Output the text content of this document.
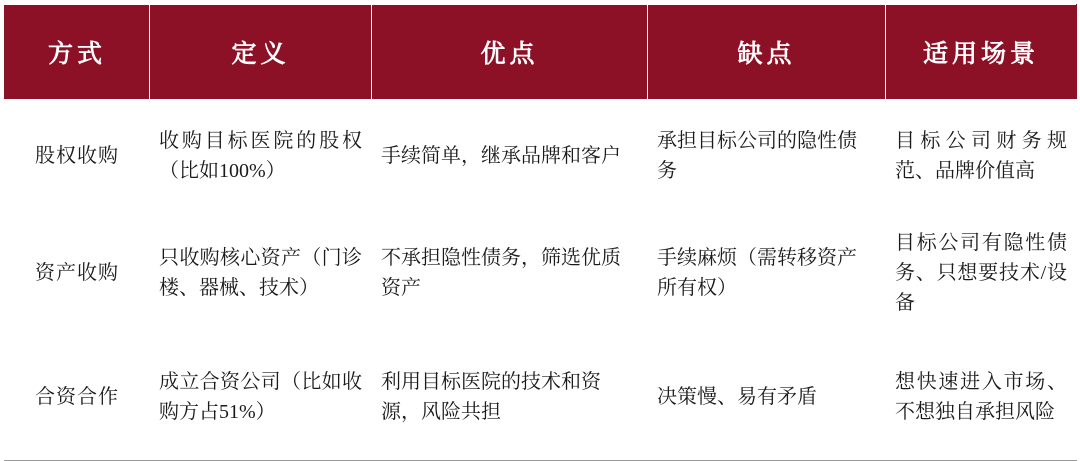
方式	定义	优点	缺点	适用场景
股权收购	收购目标医院的股权（比如100%）	手续简单，继承品牌和客户	承担目标公司的隐性债务	目标公司财务规范、品牌价值高
资产收购	只收购核心资产（门诊楼、器械、技术）	不承担隐性债务，筛选优质资产	手续麻烦（需转移资产所有权）	目标公司有隐性债务、只想要技术/设备
合资合作	成立合资公司（比如收购方占51%）	利用目标医院的技术和资源，风险共担	决策慢、易有矛盾	想快速进入市场、不想独自承担风险
